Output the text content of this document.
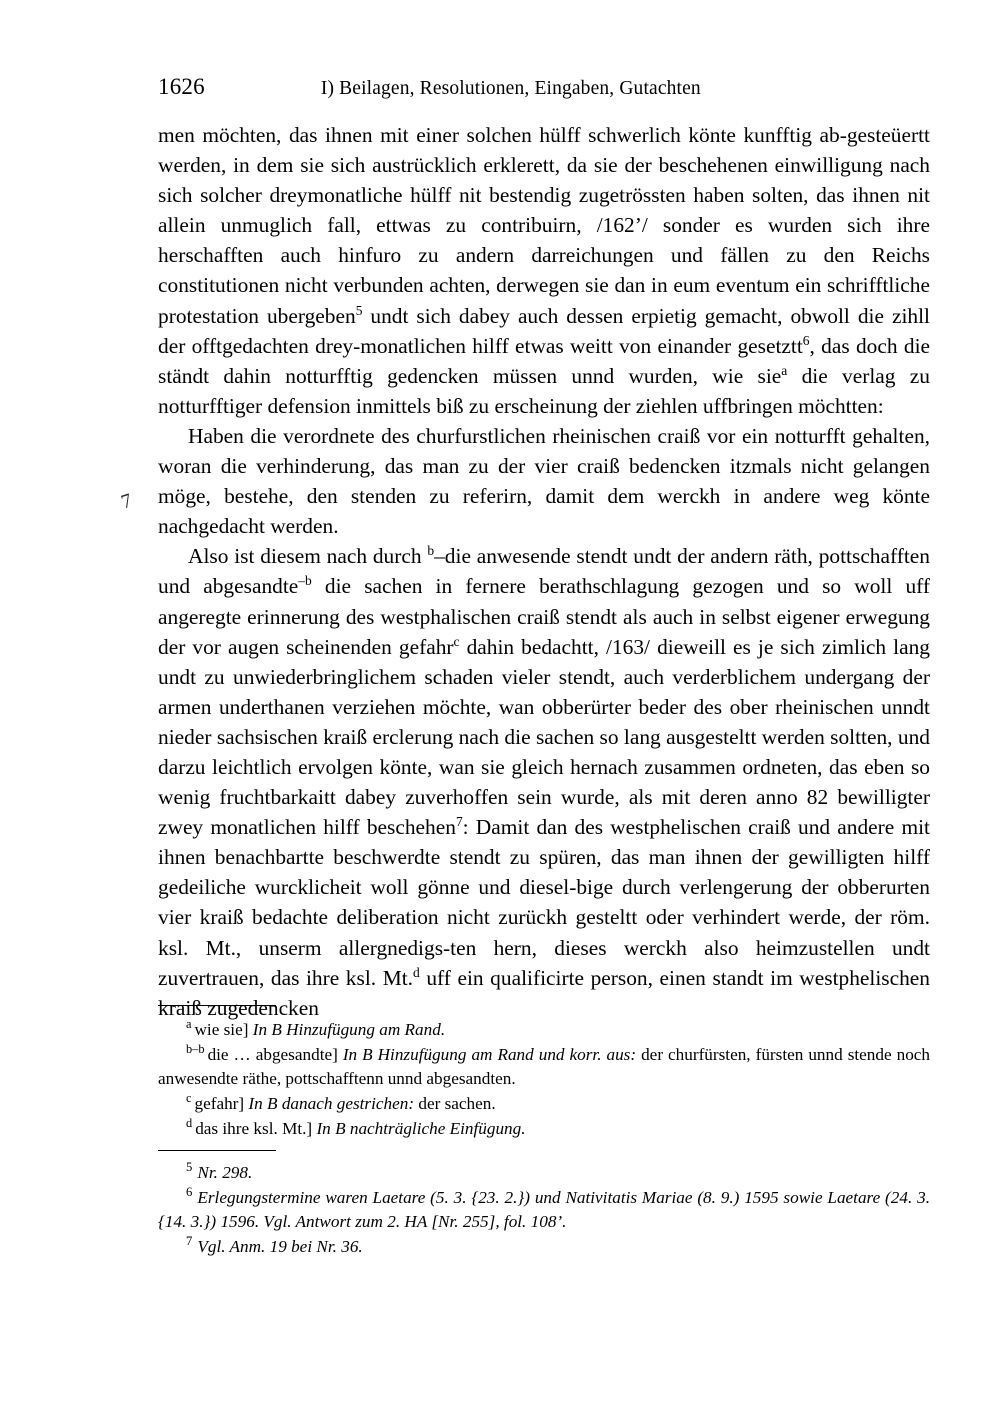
1626	I) Beilagen, Resolutionen, Eingaben, Gutachten

men möchten, das ihnen mit einer solchen hülff schwerlich könte kunfftig ab-gesteüertt werden, in dem sie sich austrücklich erklerett, da sie der beschehenen einwilligung nach sich solcher dreymonatliche hülff nit bestendig zugetrössten haben solten, das ihnen nit allein unmuglich fall, ettwas zu contribuirn, /162’/ sonder es wurden sich ihre herschafften auch hinfuro zu andern darreichungen und fällen zu den Reichs constitutionen nicht verbunden achten, derwegen sie dan in eum eventum ein schrifftliche protestation ubergeben$^5$ undt sich dabey auch dessen erpietig gemacht, obwoll die zihll der offtgedachten drey-monatlichen hilff etwas weitt von einander gesetztt$^6$, das doch die ständt dahin notturfftig gedencken müssen unnd wurden, wie sie$^a$ die verlag zu notturfftiger defension inmittels biß zu erscheinung der ziehlen uffbringen möchtten:

Haben die verordnete des churfurstlichen rheinischen craiß vor ein notturfft gehalten, woran die verhinderung, das man zu der vier craiß bedencken itzmals nicht gelangen möge, bestehe, den stenden zu referirn, damit dem werckh in andere weg könte nachgedacht werden.

Also ist diesem nach durch $^b$–die anwesende stendt undt der andern räth, pottschafften und abgesandte$^{-b}$ die sachen in fernere berathschlagung gezogen und so woll uff angeregte erinnerung des westphalischen craiß stendt als auch in selbst eigener erwegung der vor augen scheinenden gefahr$^c$ dahin bedachtt, /163/ dieweill es je sich zimlich lang undt zu unwiederbringlichem schaden vieler stendt, auch verderblichem undergang der armen underthanen verziehen möchte, wan obberürter beder des ober rheinischen unndt nieder sachsischen kraiß erclerung nach die sachen so lang ausgesteltt werden soltten, und darzu leichtlich ervolgen könte, wan sie gleich hernach zusammen ordneten, das eben so wenig fruchtbarkaitt dabey zuverhoffen sein wurde, als mit deren anno 82 bewilligter zwey monatlichen hilff beschehen$^7$: Damit dan des westphelischen craiß und andere mit ihnen benachbartte beschwerdte stendt zu spüren, das man ihnen der gewilligten hilff gedeiliche wurcklicheit woll gönne und diesel-bige durch verlengerung der obberurten vier kraiß bedachte deliberation nicht zurückh gesteltt oder verhindert werde, der röm. ksl. Mt., unserm allergnedigs-ten hern, dieses werckh also heimzustellen undt zuvertrauen, das ihre ksl. Mt.$^d$ uff ein qualificirte person, einen standt im westphelischen kraiß zugedencken

7

$^a$ wie sie] In B Hinzufügung am Rand.

$^{b-b}$ die … abgesandte] In B Hinzufügung am Rand und korr. aus: der churfürsten, fürsten unnd stende noch anwesendte räthe, pottschafftenn unnd abgesandten.

$^c$ gefahr] In B danach gestrichen: der sachen.

$^d$ das ihre ksl. Mt.] In B nachträgliche Einfügung.

$^5$ Nr. 298.

$^6$ Erlegungstermine waren Laetare (5. 3. {23. 2.}) und Nativitatis Mariae (8. 9.) 1595 sowie Laetare (24. 3. {14. 3.}) 1596. Vgl. Antwort zum 2. HA [Nr. 255], fol. 108’.

$^7$ Vgl. Anm. 19 bei Nr. 36.
